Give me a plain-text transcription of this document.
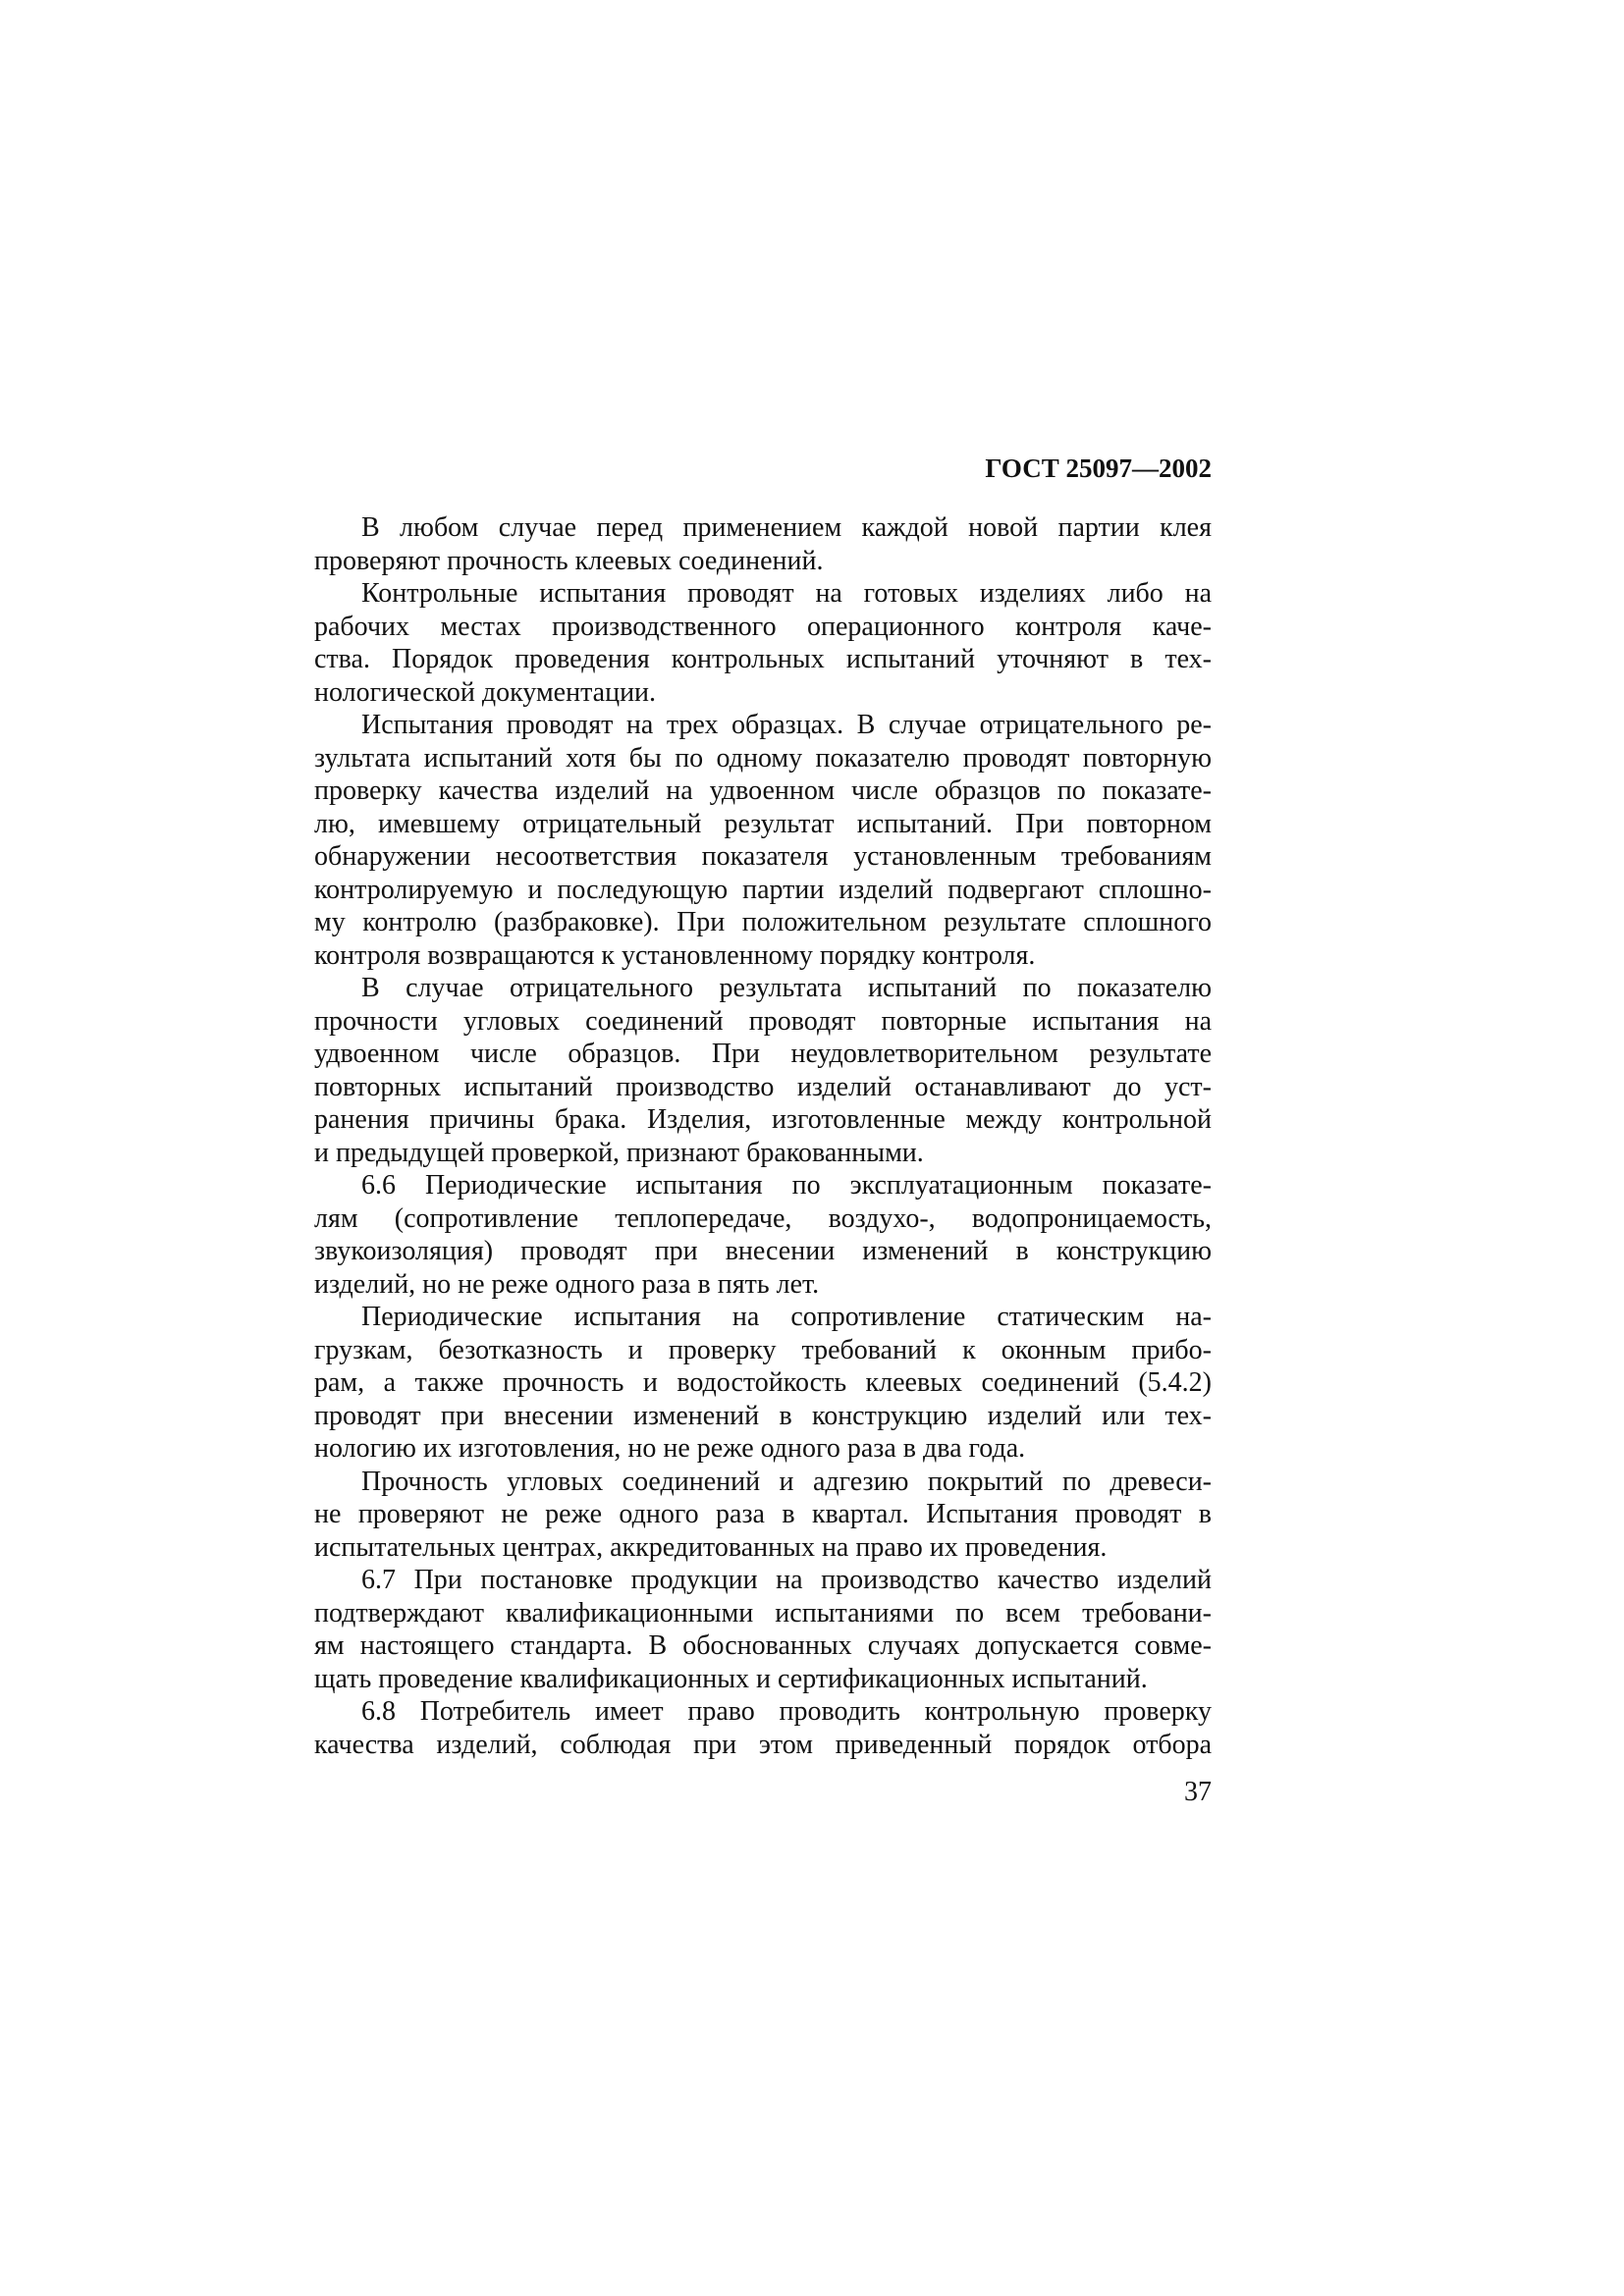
ГОСТ 25097—2002
В любом случае перед применением каждой новой партии клея
проверяют прочность клеевых соединений.
Контрольные испытания проводят на готовых изделиях либо на
рабочих местах производственного операционного контроля каче-
ства. Порядок проведения контрольных испытаний уточняют в тех-
нологической документации.
Испытания проводят на трех образцах. В случае отрицательного ре-
зультата испытаний хотя бы по одному показателю проводят повторную
проверку качества изделий на удвоенном числе образцов по показате-
лю, имевшему отрицательный результат испытаний. При повторном
обнаружении несоответствия показателя установленным требованиям
контролируемую и последующую партии изделий подвергают сплошно-
му контролю (разбраковке). При положительном результате сплошного
контроля возвращаются к установленному порядку контроля.
В случае отрицательного результата испытаний по показателю
прочности угловых соединений проводят повторные испытания на
удвоенном числе образцов. При неудовлетворительном результате
повторных испытаний производство изделий останавливают до уст-
ранения причины брака. Изделия, изготовленные между контрольной
и предыдущей проверкой, признают бракованными.
6.6 Периодические испытания по эксплуатационным показате-
лям (сопротивление теплопередаче, воздухо-, водопроницаемость,
звукоизоляция) проводят при внесении изменений в конструкцию
изделий, но не реже одного раза в пять лет.
Периодические испытания на сопротивление статическим на-
грузкам, безотказность и проверку требований к оконным прибо-
рам, а также прочность и водостойкость клеевых соединений (5.4.2)
проводят при внесении изменений в конструкцию изделий или тех-
нологию их изготовления, но не реже одного раза в два года.
Прочность угловых соединений и адгезию покрытий по древеси-
не проверяют не реже одного раза в квартал. Испытания проводят в
испытательных центрах, аккредитованных на право их проведения.
6.7 При постановке продукции на производство качество изделий
подтверждают квалификационными испытаниями по всем требовани-
ям настоящего стандарта. В обоснованных случаях допускается совме-
щать проведение квалификационных и сертификационных испытаний.
6.8 Потребитель имеет право проводить контрольную проверку
качества изделий, соблюдая при этом приведенный порядок отбора
37
